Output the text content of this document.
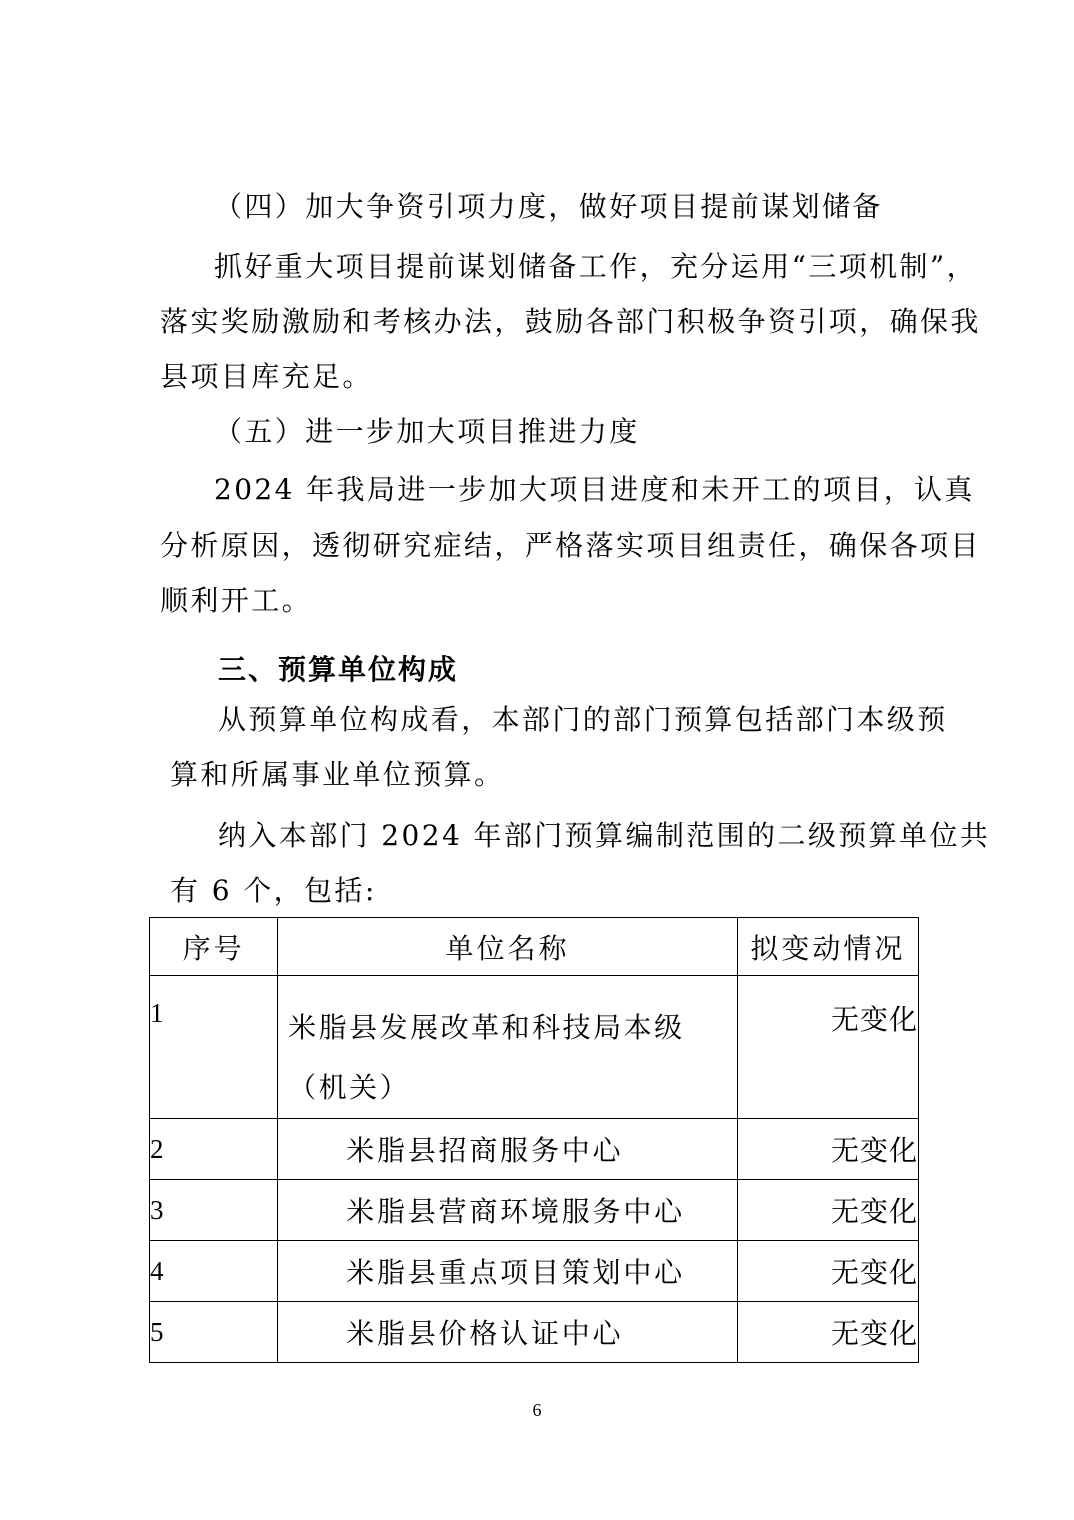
（四）加大争资引项力度，做好项目提前谋划储备
抓好重大项目提前谋划储备工作，充分运用“三项机制”，
落实奖励激励和考核办法，鼓励各部门积极争资引项，确保我
县项目库充足。
（五）进一步加大项目推进力度
2024 年我局进一步加大项目进度和未开工的项目，认真
分析原因，透彻研究症结，严格落实项目组责任，确保各项目
顺利开工。
三、预算单位构成
从预算单位构成看，本部门的部门预算包括部门本级预
算和所属事业单位预算。
纳入本部门 2024 年部门预算编制范围的二级预算单位共
有 6 个，包括:
序号	单位名称	拟变动情况
1	米脂县发展改革和科技局本级（机关）	无变化
2	米脂县招商服务中心	无变化
3	米脂县营商环境服务中心	无变化
4	米脂县重点项目策划中心	无变化
5	米脂县价格认证中心	无变化
6
